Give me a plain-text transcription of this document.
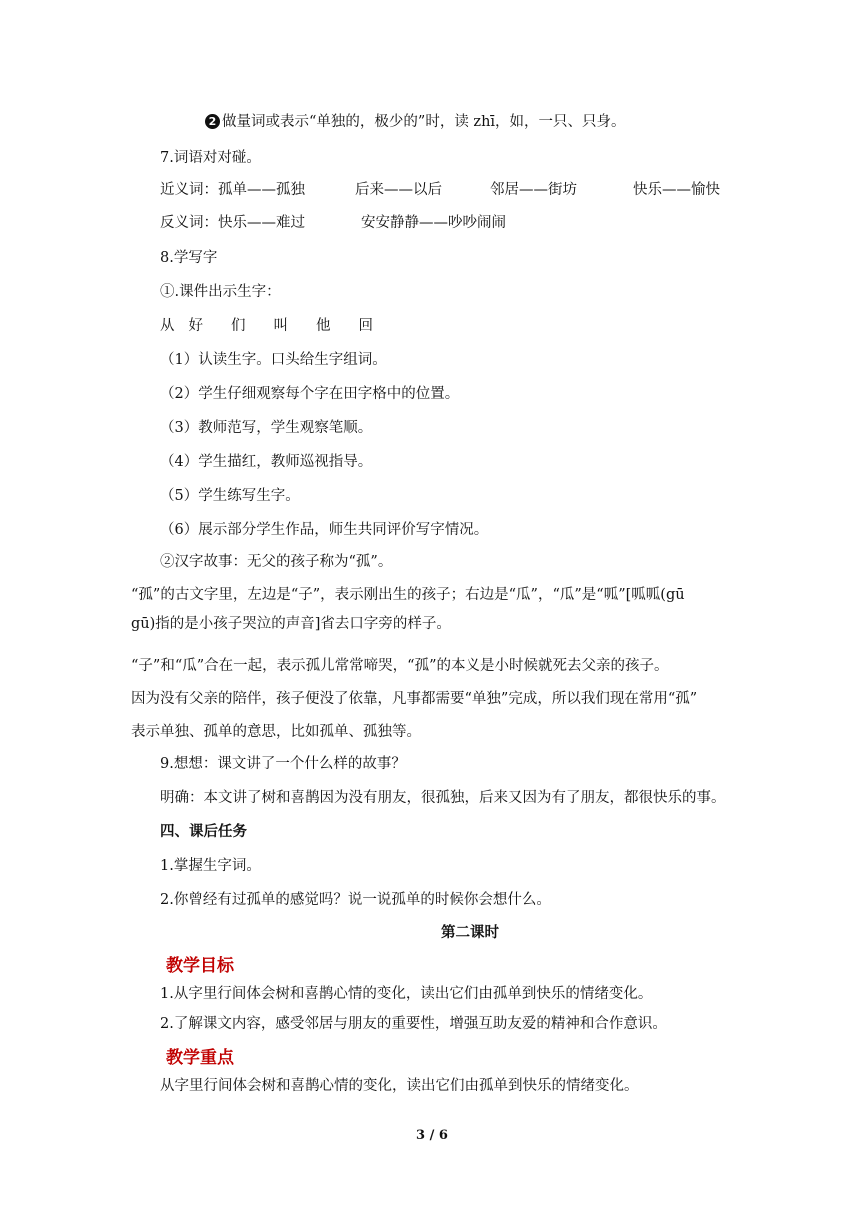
2 做量词或表示“单独的，极少的”时，读 zhī，如，一只、只身。
7.词语对对碰。
近义词：孤单——孤独	后来——以后	邻居——街坊	快乐——愉快
反义词：快乐——难过	安安静静——吵吵闹闹
8.学写字
①.课件出示生字：
从 好 们 叫 他 回
（1）认读生字。口头给生字组词。
（2）学生仔细观察每个字在田字格中的位置。
（3）教师范写，学生观察笔顺。
（4）学生描红，教师巡视指导。
（5）学生练写生字。
（6）展示部分学生作品，师生共同评价写字情况。
②汉字故事：无父的孩子称为“孤”。
“孤”的古文字里，左边是“子”，表示刚出生的孩子；右边是“瓜”，“瓜”是“呱”[呱呱(gū
gū)指的是小孩子哭泣的声音]省去口字旁的样子。
“子”和“瓜”合在一起，表示孤儿常常啼哭，“孤”的本义是小时候就死去父亲的孩子。
因为没有父亲的陪伴，孩子便没了依靠，凡事都需要“单独”完成，所以我们现在常用“孤”
表示单独、孤单的意思，比如孤单、孤独等。
9.想想：课文讲了一个什么样的故事？
明确：本文讲了树和喜鹊因为没有朋友，很孤独，后来又因为有了朋友，都很快乐的事。
四、课后任务
1.掌握生字词。
2.你曾经有过孤单的感觉吗？说一说孤单的时候你会想什么。
第二课时
教学目标
1.从字里行间体会树和喜鹊心情的变化，读出它们由孤单到快乐的情绪变化。
2.了解课文内容，感受邻居与朋友的重要性，增强互助友爱的精神和合作意识。
教学重点
从字里行间体会树和喜鹊心情的变化，读出它们由孤单到快乐的情绪变化。
3 / 6
